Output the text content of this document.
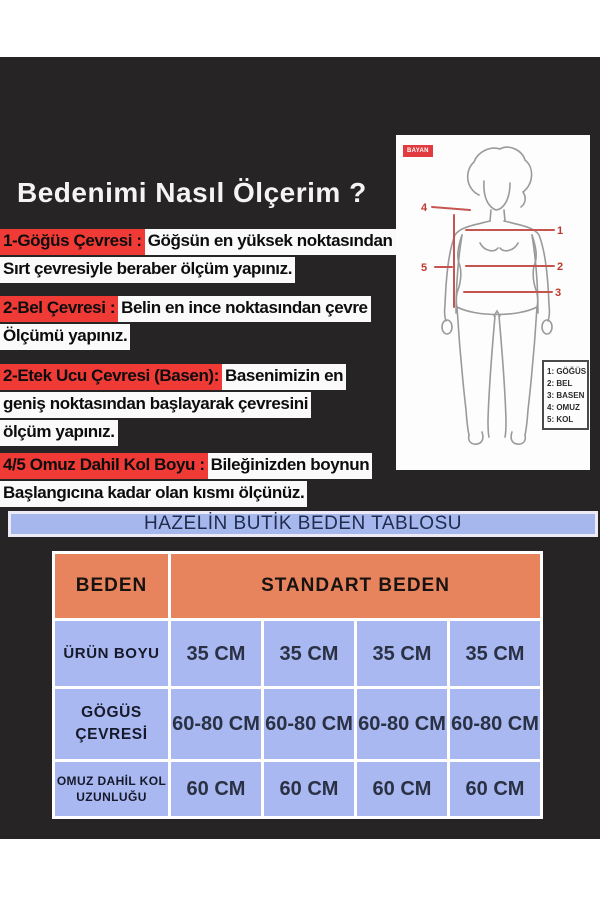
Bedenimi Nasıl Ölçerim ?
1-Göğüs Çevresi :Göğsün en yüksek noktasından
Sırt çevresiyle beraber ölçüm yapınız.
2-Bel Çevresi :Belin en ince noktasından çevre
Ölçümü yapınız.
2-Etek Ucu Çevresi (Basen):Basenimizin en
geniş noktasından başlayarak çevresini
ölçüm yapınız.
4/5 Omuz Dahil Kol Boyu :Bileğinizden boynun
Başlangıcına kadar olan kısmı ölçünüz.
1
2
3
4
5
BAYAN
1: GÖĞÜS
2: BEL
3: BASEN
4: OMUZ
5: KOL
HAZELİN BUTİK BEDEN TABLOSU
BEDEN	STANDART BEDEN			
ÜRÜN BOYU	35 CM	35 CM	35 CM	35 CM
GÖGÜS ÇEVRESİ	60-80 CM	60-80 CM	60-80 CM	60-80 CM
OMUZ DAHİL KOL UZUNLUĞU	60 CM	60 CM	60 CM	60 CM
